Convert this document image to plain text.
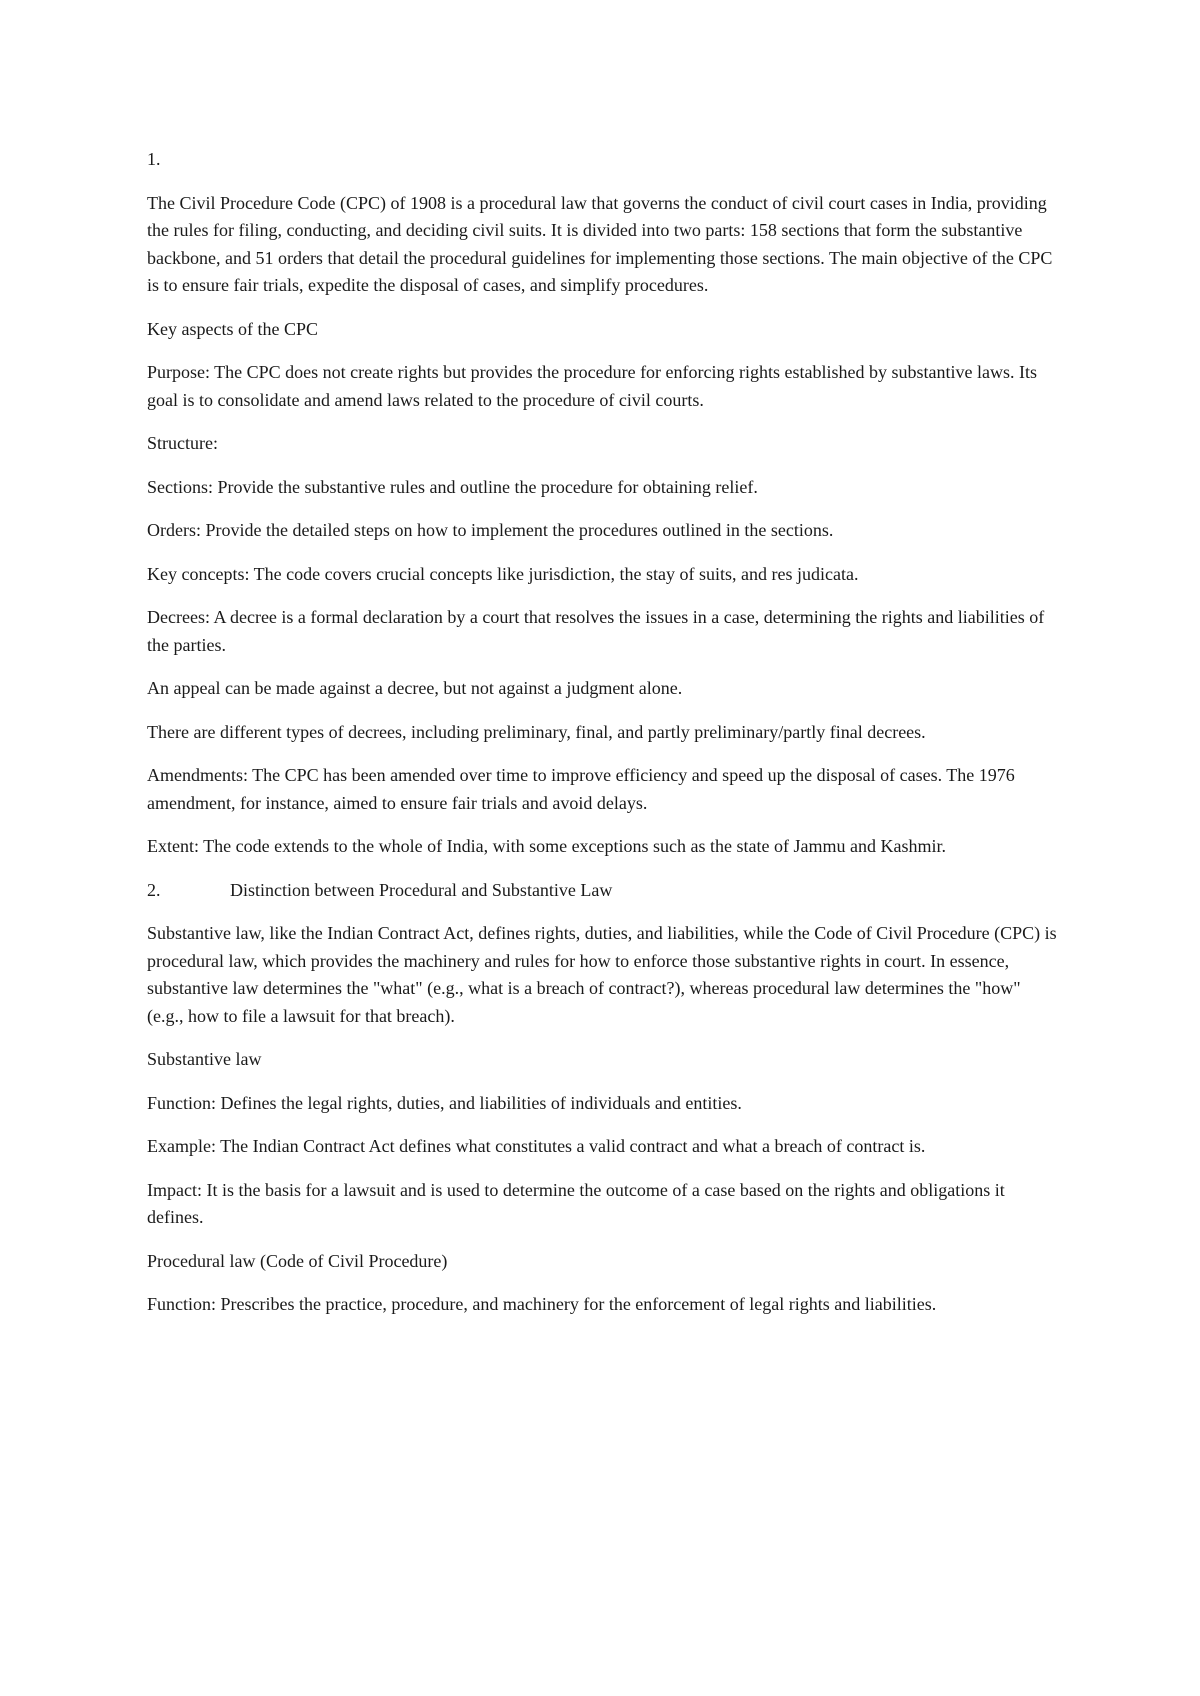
1.

The Civil Procedure Code (CPC) of 1908 is a procedural law that governs the conduct of civil court cases in India, providing the rules for filing, conducting, and deciding civil suits. It is divided into two parts: 158 sections that form the substantive backbone, and 51 orders that detail the procedural guidelines for implementing those sections. The main objective of the CPC is to ensure fair trials, expedite the disposal of cases, and simplify procedures.

Key aspects of the CPC

Purpose: The CPC does not create rights but provides the procedure for enforcing rights established by substantive laws. Its goal is to consolidate and amend laws related to the procedure of civil courts.

Structure:

Sections: Provide the substantive rules and outline the procedure for obtaining relief.

Orders: Provide the detailed steps on how to implement the procedures outlined in the sections.

Key concepts: The code covers crucial concepts like jurisdiction, the stay of suits, and res judicata.

Decrees: A decree is a formal declaration by a court that resolves the issues in a case, determining the rights and liabilities of the parties.

An appeal can be made against a decree, but not against a judgment alone.

There are different types of decrees, including preliminary, final, and partly preliminary/partly final decrees.

Amendments: The CPC has been amended over time to improve efficiency and speed up the disposal of cases. The 1976 amendment, for instance, aimed to ensure fair trials and avoid delays.

Extent: The code extends to the whole of India, with some exceptions such as the state of Jammu and Kashmir.

2.	Distinction between Procedural and Substantive Law

Substantive law, like the Indian Contract Act, defines rights, duties, and liabilities, while the Code of Civil Procedure (CPC) is procedural law, which provides the machinery and rules for how to enforce those substantive rights in court. In essence, substantive law determines the "what" (e.g., what is a breach of contract?), whereas procedural law determines the "how" (e.g., how to file a lawsuit for that breach).

Substantive law

Function: Defines the legal rights, duties, and liabilities of individuals and entities.

Example: The Indian Contract Act defines what constitutes a valid contract and what a breach of contract is.

Impact: It is the basis for a lawsuit and is used to determine the outcome of a case based on the rights and obligations it defines.

Procedural law (Code of Civil Procedure)

Function: Prescribes the practice, procedure, and machinery for the enforcement of legal rights and liabilities.
